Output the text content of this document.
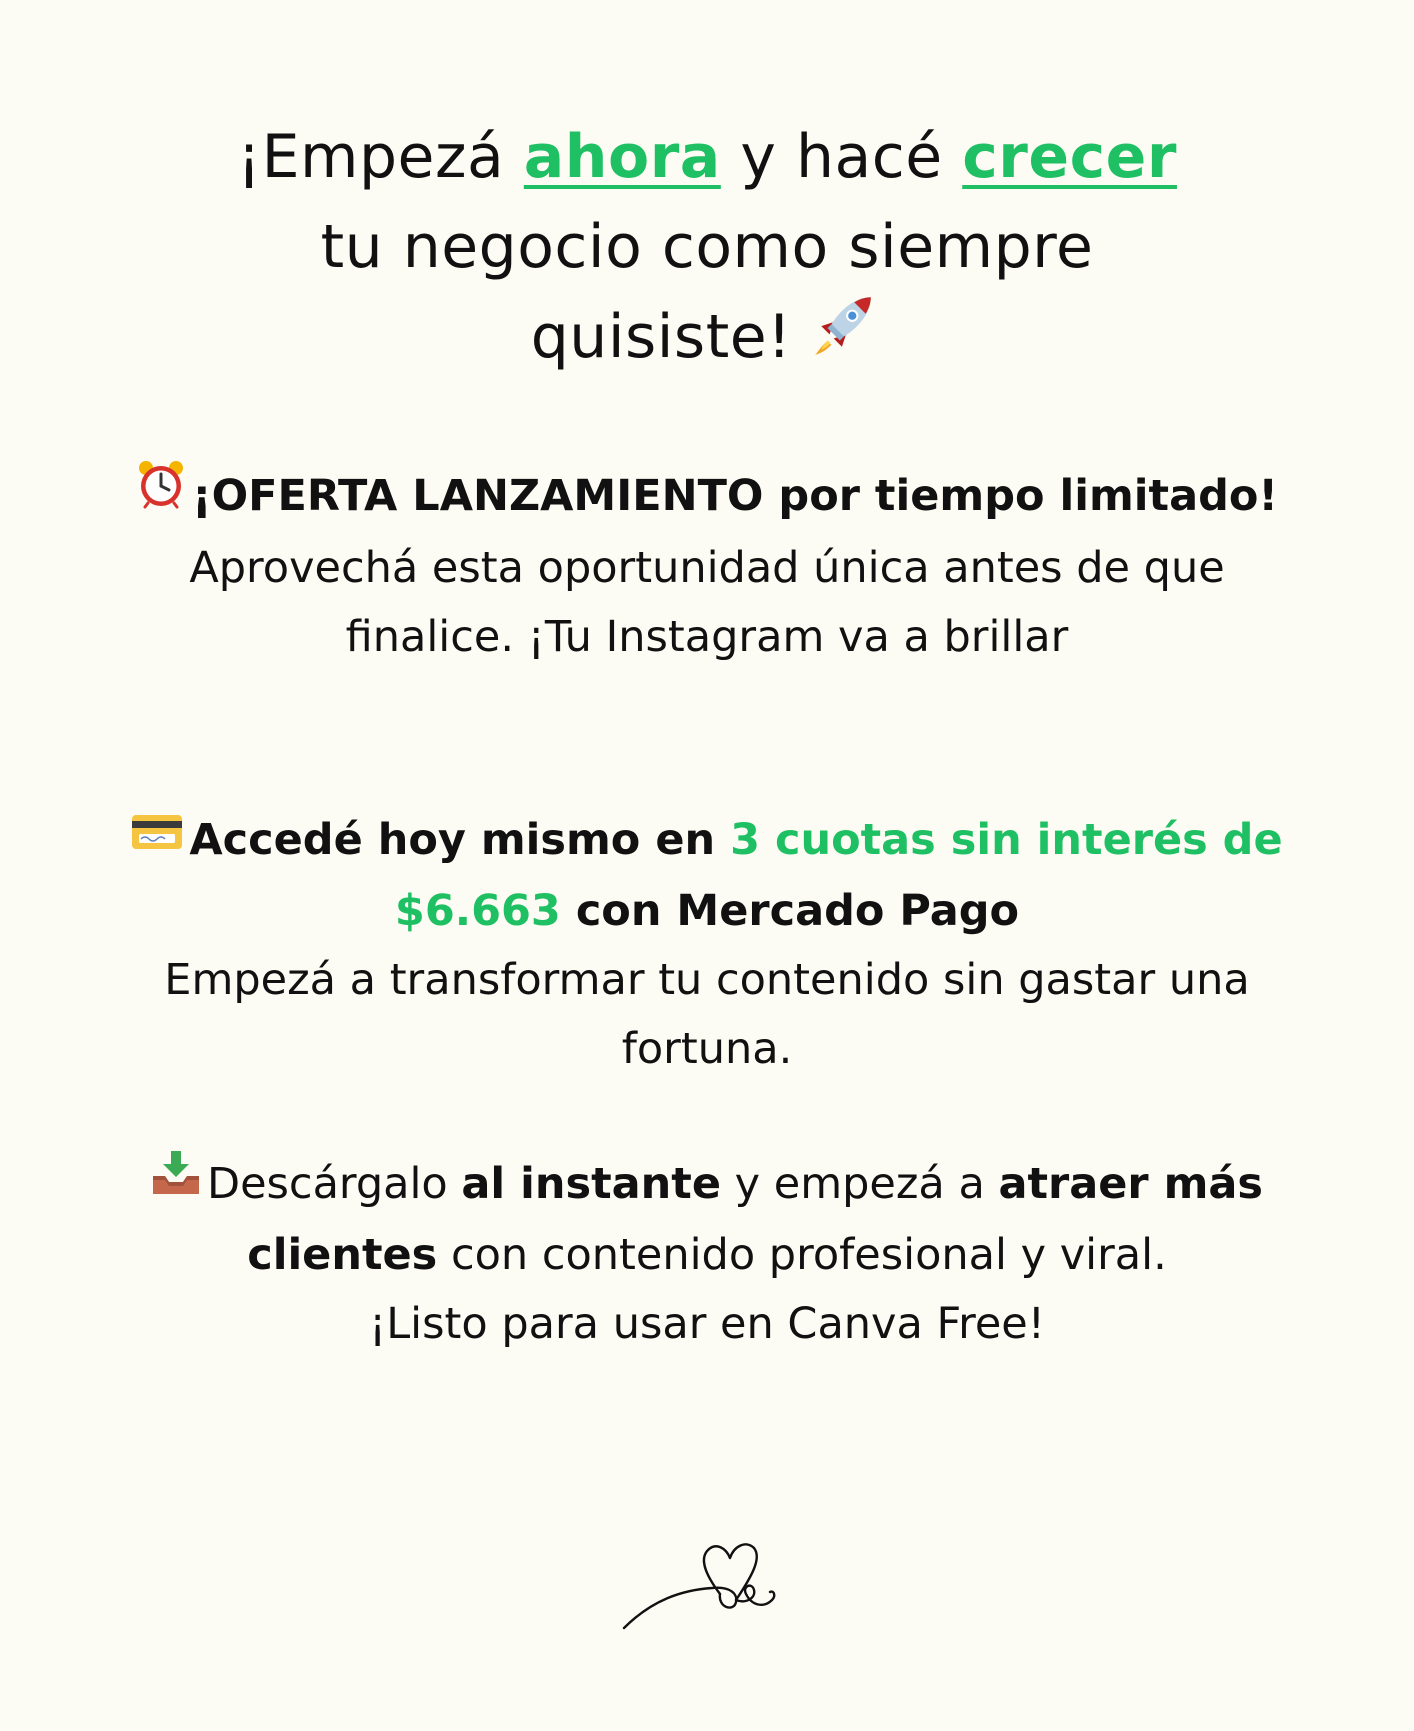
¡Empezá ahora y hacé crecer
tu negocio como siempre
quisiste!
¡OFERTA LANZAMIENTO por tiempo limitado!
Aprovechá esta oportunidad única antes de que finalice. ¡Tu Instagram va a brillar
Accedé hoy mismo en 3 cuotas sin interés de $6.663 con Mercado Pago
Empezá a transformar tu contenido sin gastar una fortuna.
Descárgalo al instante y empezá a atraer más clientes con contenido profesional y viral.
¡Listo para usar en Canva Free!
